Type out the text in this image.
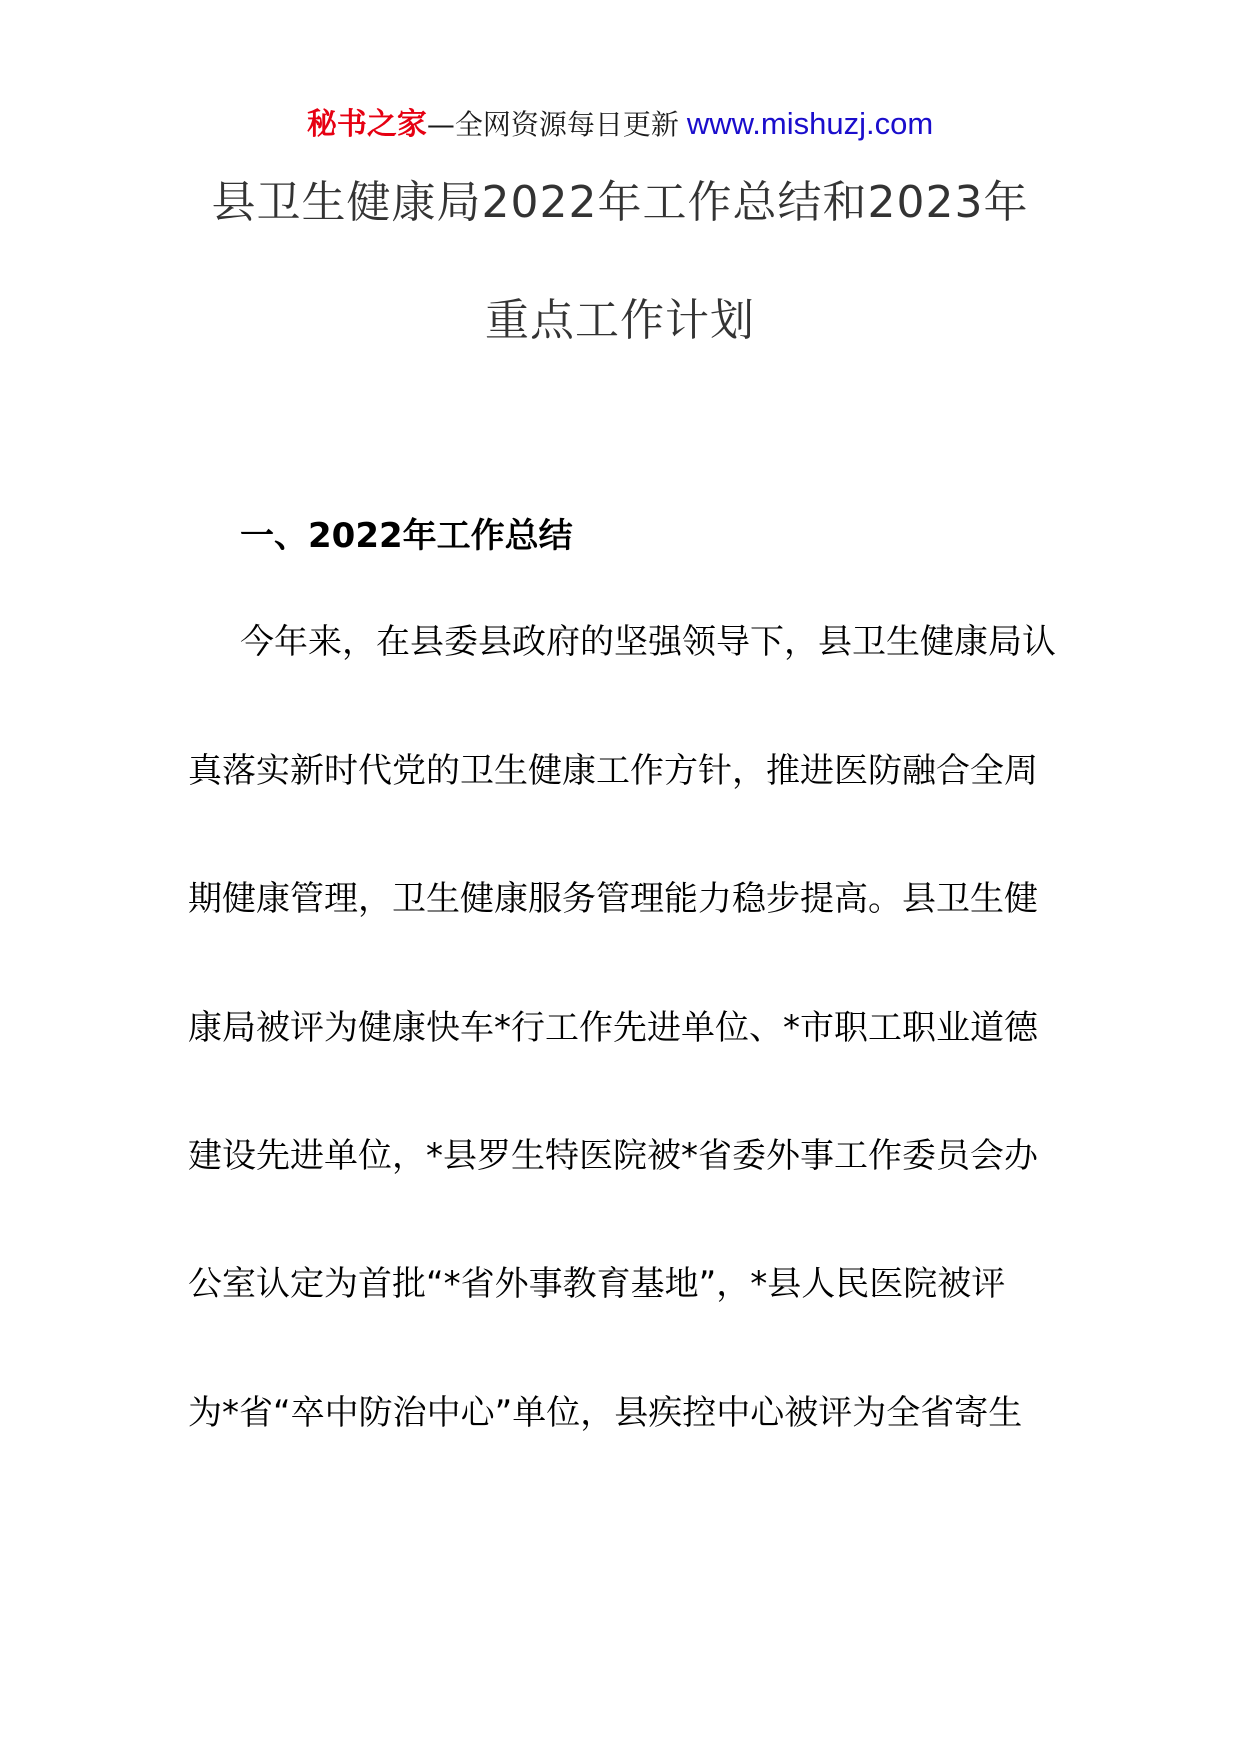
秘书之家—全网资源每日更新 www.mishuzj.com
县卫生健康局2022年工作总结和2023年
重点工作计划
一、2022年工作总结
今年来，在县委县政府的坚强领导下，县卫生健康局认
真落实新时代党的卫生健康工作方针，推进医防融合全周
期健康管理，卫生健康服务管理能力稳步提高。县卫生健
康局被评为健康快车*行工作先进单位、*市职工职业道德
建设先进单位，*县罗生特医院被*省委外事工作委员会办
公室认定为首批“*省外事教育基地”，*县人民医院被评
为*省“卒中防治中心”单位，县疾控中心被评为全省寄生
